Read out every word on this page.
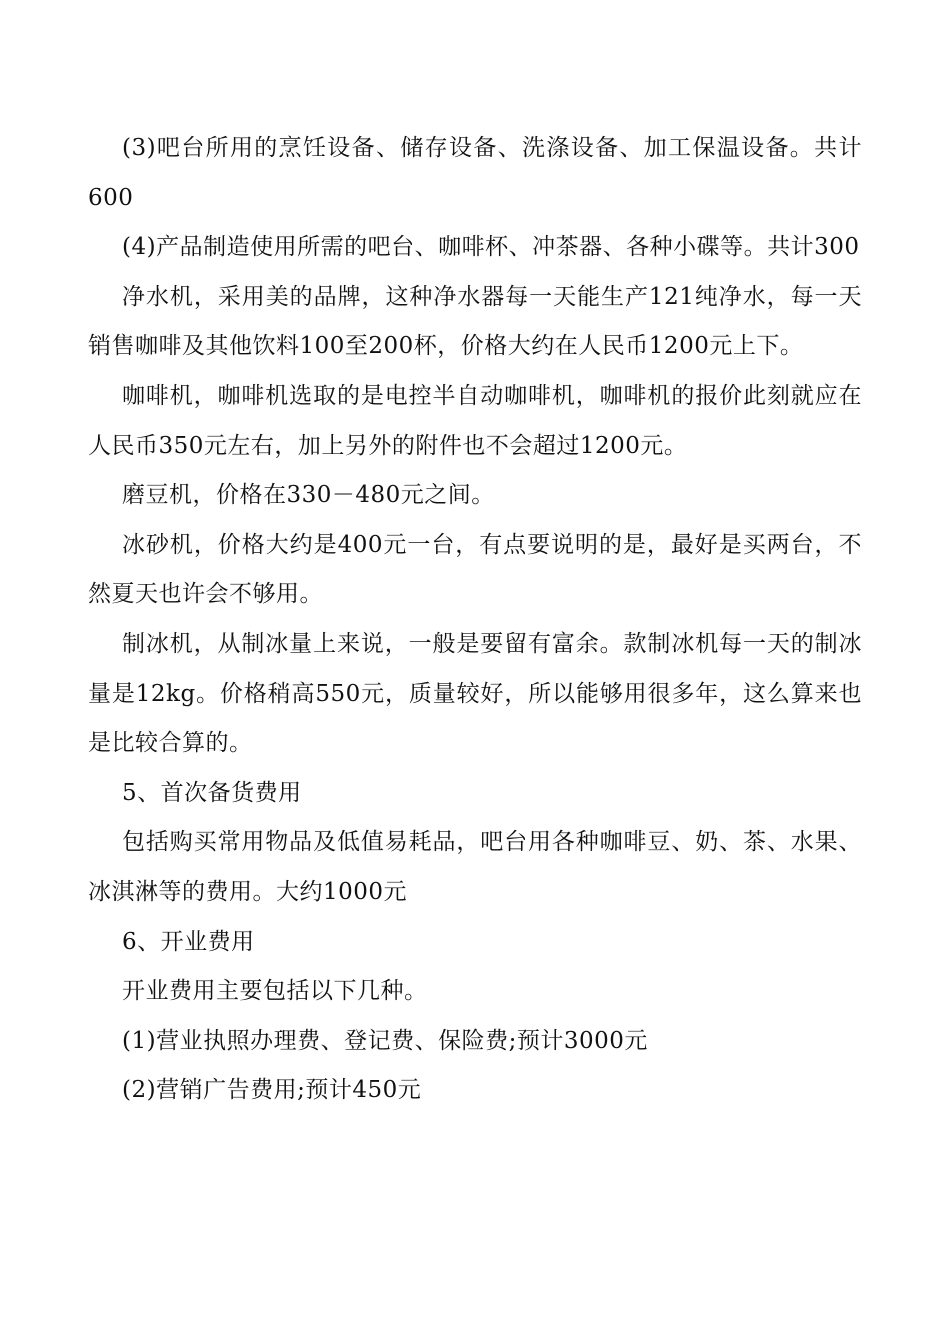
(3)吧台所用的烹饪设备、储存设备、洗涤设备、加工保温设备。共计600

(4)产品制造使用所需的吧台、咖啡杯、冲茶器、各种小碟等。共计300

净水机，采用美的品牌，这种净水器每一天能生产121纯净水，每一天销售咖啡及其他饮料100至200杯，价格大约在人民币1200元上下。

咖啡机，咖啡机选取的是电控半自动咖啡机，咖啡机的报价此刻就应在人民币350元左右，加上另外的附件也不会超过1200元。

磨豆机，价格在330－480元之间。

冰砂机，价格大约是400元一台，有点要说明的是，最好是买两台，不然夏天也许会不够用。

制冰机，从制冰量上来说，一般是要留有富余。款制冰机每一天的制冰量是12kg。价格稍高550元，质量较好，所以能够用很多年，这么算来也是比较合算的。

5、首次备货费用

包括购买常用物品及低值易耗品，吧台用各种咖啡豆、奶、茶、水果、冰淇淋等的费用。大约1000元

6、开业费用

开业费用主要包括以下几种。

(1)营业执照办理费、登记费、保险费;预计3000元

(2)营销广告费用;预计450元
